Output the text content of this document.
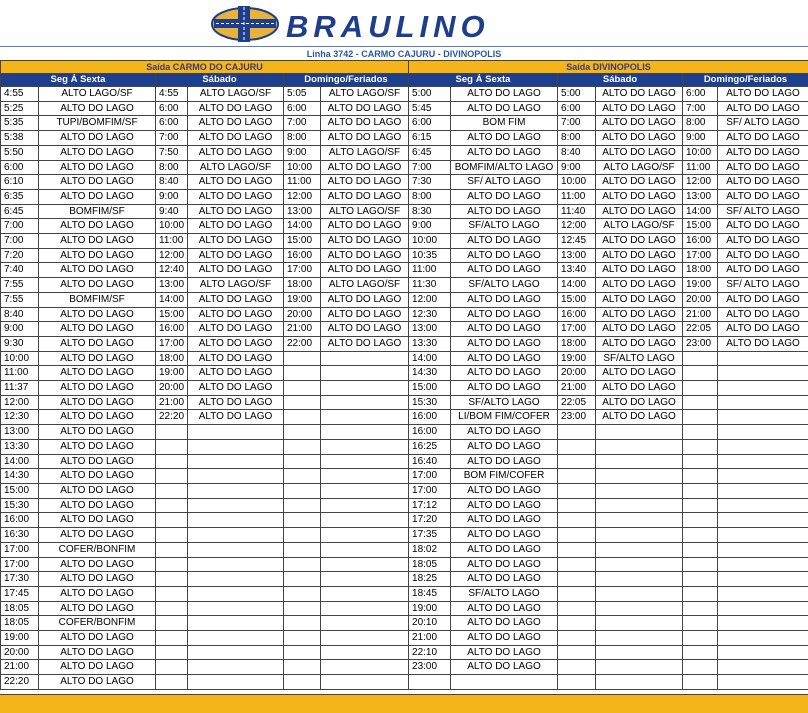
BRAULINO
Linha 3742 - CARMO CAJURU - DIVINOPOLIS
Saída CARMO DO CAJURU						Saída DIVINOPOLIS					
Seg Á Sexta		Sábado		Domingo/Feriados		Seg Á Sexta		Sábado		Domingo/Feriados	
4:55	ALTO LAGO/SF	4:55	ALTO LAGO/SF	5:05	ALTO LAGO/SF	5:00	ALTO DO LAGO	5:00	ALTO DO LAGO	6:00	ALTO DO LAGO
5:25	ALTO DO LAGO	6:00	ALTO DO LAGO	6:00	ALTO DO LAGO	5:45	ALTO DO LAGO	6:00	ALTO DO LAGO	7:00	ALTO DO LAGO
5:35	TUPI/BOMFIM/SF	6:00	ALTO DO LAGO	7:00	ALTO DO LAGO	6:00	BOM FIM	7:00	ALTO DO LAGO	8:00	SF/ ALTO LAGO
5:38	ALTO DO LAGO	7:00	ALTO DO LAGO	8:00	ALTO DO LAGO	6:15	ALTO DO LAGO	8:00	ALTO DO LAGO	9:00	ALTO DO LAGO
5:50	ALTO DO LAGO	7:50	ALTO DO LAGO	9:00	ALTO LAGO/SF	6:45	ALTO DO LAGO	8:40	ALTO DO LAGO	10:00	ALTO DO LAGO
6:00	ALTO DO LAGO	8:00	ALTO LAGO/SF	10:00	ALTO DO LAGO	7:00	BOMFIM/ALTO LAGO	9:00	ALTO LAGO/SF	11:00	ALTO DO LAGO
6:10	ALTO DO LAGO	8:40	ALTO DO LAGO	11:00	ALTO DO LAGO	7:30	SF/ ALTO LAGO	10:00	ALTO DO LAGO	12:00	ALTO DO LAGO
6:35	ALTO DO LAGO	9:00	ALTO DO LAGO	12:00	ALTO DO LAGO	8:00	ALTO DO LAGO	11:00	ALTO DO LAGO	13:00	ALTO DO LAGO
6:45	BOMFIM/SF	9:40	ALTO DO LAGO	13:00	ALTO LAGO/SF	8:30	ALTO DO LAGO	11:40	ALTO DO LAGO	14:00	SF/ ALTO LAGO
7:00	ALTO DO LAGO	10:00	ALTO DO LAGO	14:00	ALTO DO LAGO	9:00	SF/ALTO LAGO	12:00	ALTO LAGO/SF	15:00	ALTO DO LAGO
7:00	ALTO DO LAGO	11:00	ALTO DO LAGO	15:00	ALTO DO LAGO	10:00	ALTO DO LAGO	12:45	ALTO DO LAGO	16:00	ALTO DO LAGO
7:20	ALTO DO LAGO	12:00	ALTO DO LAGO	16:00	ALTO DO LAGO	10:35	ALTO DO LAGO	13:00	ALTO DO LAGO	17:00	ALTO DO LAGO
7:40	ALTO DO LAGO	12:40	ALTO DO LAGO	17:00	ALTO DO LAGO	11:00	ALTO DO LAGO	13:40	ALTO DO LAGO	18:00	ALTO DO LAGO
7:55	ALTO DO LAGO	13:00	ALTO LAGO/SF	18:00	ALTO LAGO/SF	11:30	SF/ALTO LAGO	14:00	ALTO DO LAGO	19:00	SF/ ALTO LAGO
7:55	BOMFIM/SF	14:00	ALTO DO LAGO	19:00	ALTO DO LAGO	12:00	ALTO DO LAGO	15:00	ALTO DO LAGO	20:00	ALTO DO LAGO
8:40	ALTO DO LAGO	15:00	ALTO DO LAGO	20:00	ALTO DO LAGO	12:30	ALTO DO LAGO	16:00	ALTO DO LAGO	21:00	ALTO DO LAGO
9:00	ALTO DO LAGO	16:00	ALTO DO LAGO	21:00	ALTO DO LAGO	13:00	ALTO DO LAGO	17:00	ALTO DO LAGO	22:05	ALTO DO LAGO
9:30	ALTO DO LAGO	17:00	ALTO DO LAGO	22:00	ALTO DO LAGO	13:30	ALTO DO LAGO	18:00	ALTO DO LAGO	23:00	ALTO DO LAGO
10:00	ALTO DO LAGO	18:00	ALTO DO LAGO			14:00	ALTO DO LAGO	19:00	SF/ALTO LAGO		
11:00	ALTO DO LAGO	19:00	ALTO DO LAGO			14:30	ALTO DO LAGO	20:00	ALTO DO LAGO		
11:37	ALTO DO LAGO	20:00	ALTO DO LAGO			15:00	ALTO DO LAGO	21:00	ALTO DO LAGO		
12:00	ALTO DO LAGO	21:00	ALTO DO LAGO			15:30	SF/ALTO LAGO	22:05	ALTO DO LAGO		
12:30	ALTO DO LAGO	22:20	ALTO DO LAGO			16:00	LI/BOM FIM/COFER	23:00	ALTO DO LAGO		
13:00	ALTO DO LAGO					16:00	ALTO DO LAGO				
13:30	ALTO DO LAGO					16:25	ALTO DO LAGO				
14:00	ALTO DO LAGO					16:40	ALTO DO LAGO				
14:30	ALTO DO LAGO					17:00	BOM FIM/COFER				
15:00	ALTO DO LAGO					17:00	ALTO DO LAGO				
15:30	ALTO DO LAGO					17:12	ALTO DO LAGO				
16:00	ALTO DO LAGO					17:20	ALTO DO LAGO				
16:30	ALTO DO LAGO					17:35	ALTO DO LAGO				
17:00	COFER/BONFIM					18:02	ALTO DO LAGO				
17:00	ALTO DO LAGO					18:05	ALTO DO LAGO				
17:30	ALTO DO LAGO					18:25	ALTO DO LAGO				
17:45	ALTO DO LAGO					18:45	SF/ALTO LAGO				
18:05	ALTO DO LAGO					19:00	ALTO DO LAGO				
18:05	COFER/BONFIM					20:10	ALTO DO LAGO				
19:00	ALTO DO LAGO					21:00	ALTO DO LAGO				
20:00	ALTO DO LAGO					22:10	ALTO DO LAGO				
21:00	ALTO DO LAGO					23:00	ALTO DO LAGO				
22:20	ALTO DO LAGO										
